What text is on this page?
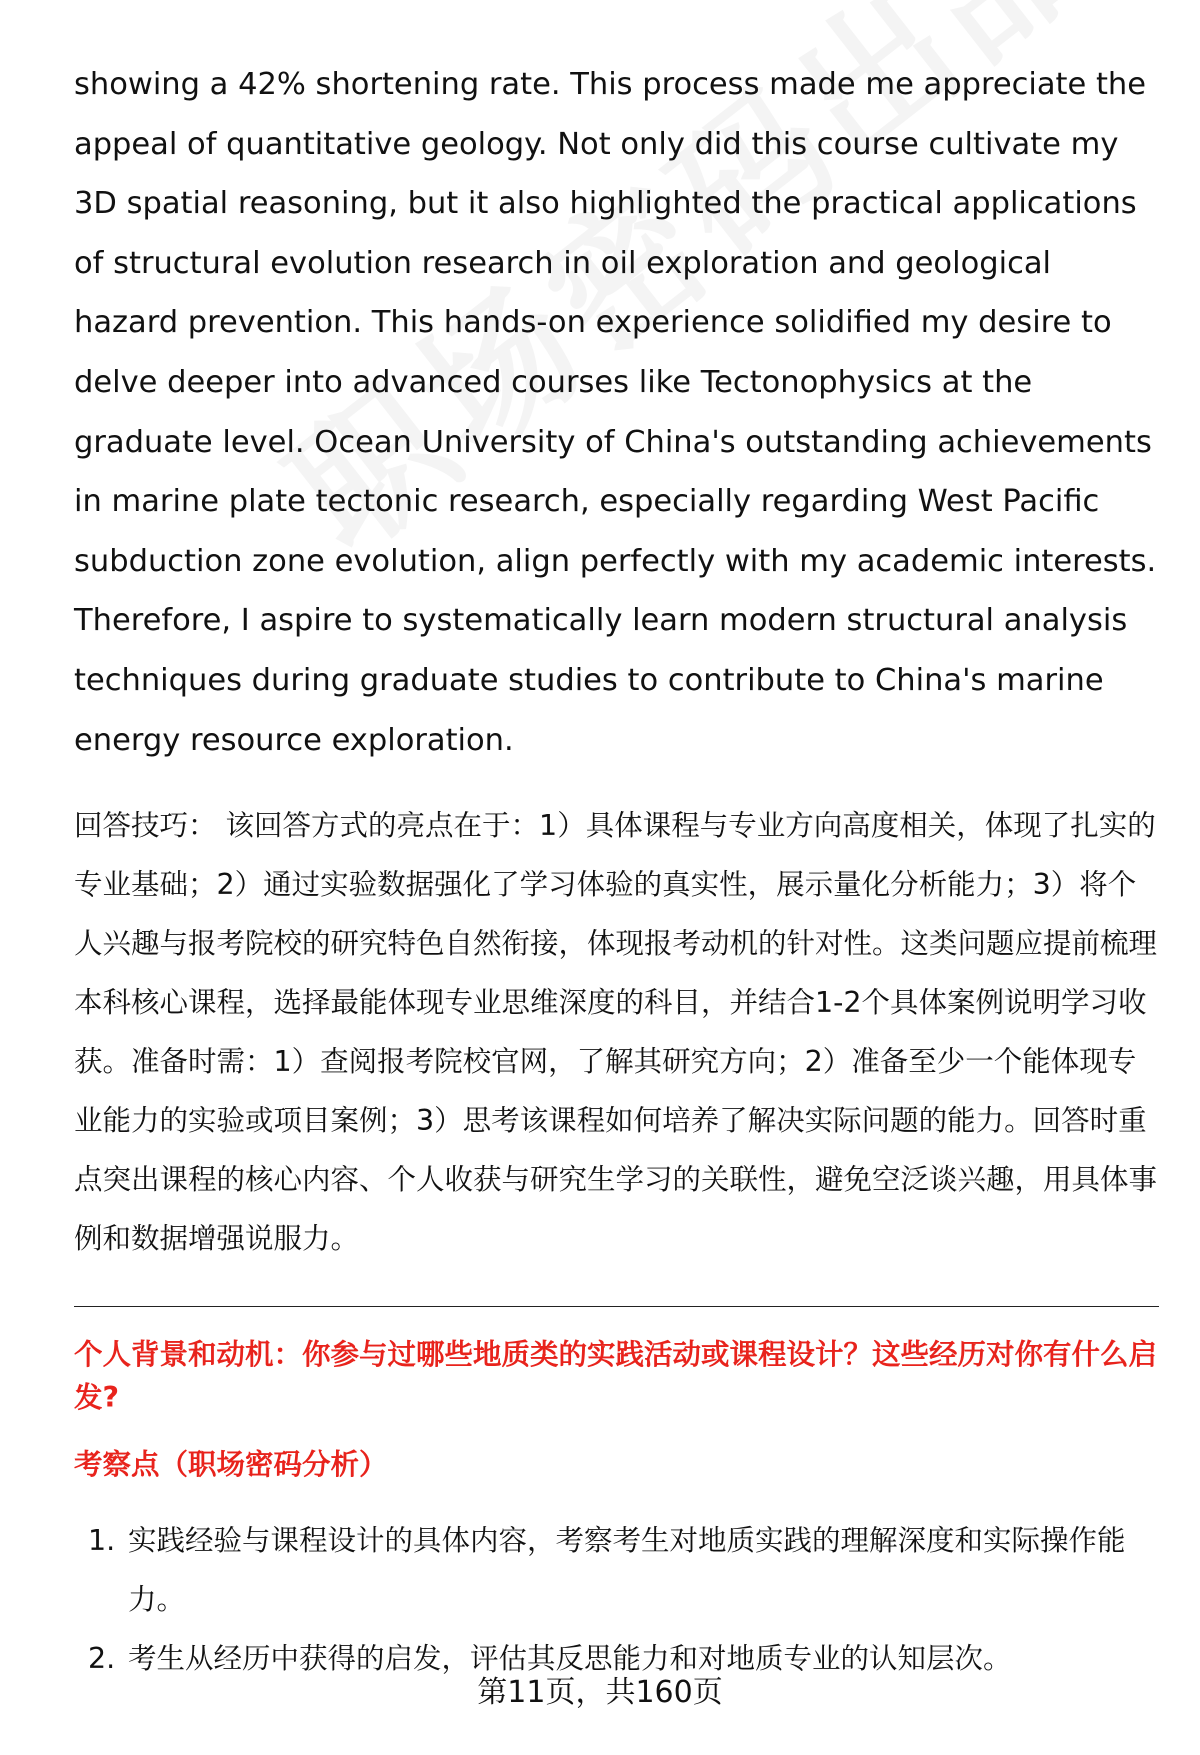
showing a 42% shortening rate. This process made me appreciate the appeal of quantitative geology. Not only did this course cultivate my 3D spatial reasoning, but it also highlighted the practical applications of structural evolution research in oil exploration and geological hazard prevention. This hands-on experience solidified my desire to delve deeper into advanced courses like Tectonophysics at the graduate level. Ocean University of China's outstanding achievements in marine plate tectonic research, especially regarding West Pacific subduction zone evolution, align perfectly with my academic interests. Therefore, I aspire to systematically learn modern structural analysis techniques during graduate studies to contribute to China's marine energy resource exploration.

回答技巧： 该回答方式的亮点在于：1）具体课程与专业方向高度相关，体现了扎实的专业基础；2）通过实验数据强化了学习体验的真实性，展示量化分析能力；3）将个人兴趣与报考院校的研究特色自然衔接，体现报考动机的针对性。这类问题应提前梳理本科核心课程，选择最能体现专业思维深度的科目，并结合1-2个具体案例说明学习收获。准备时需：1）查阅报考院校官网，了解其研究方向；2）准备至少一个能体现专业能力的实验或项目案例；3）思考该课程如何培养了解决实际问题的能力。回答时重点突出课程的核心内容、个人收获与研究生学习的关联性，避免空泛谈兴趣，用具体事例和数据增强说服力。

个人背景和动机：你参与过哪些地质类的实践活动或课程设计？这些经历对你有什么启发?
考察点（职场密码分析）
1. 实践经验与课程设计的具体内容，考察考生对地质实践的理解深度和实际操作能力。
2. 考生从经历中获得的启发，评估其反思能力和对地质专业的认知层次。
第11页，共160页
